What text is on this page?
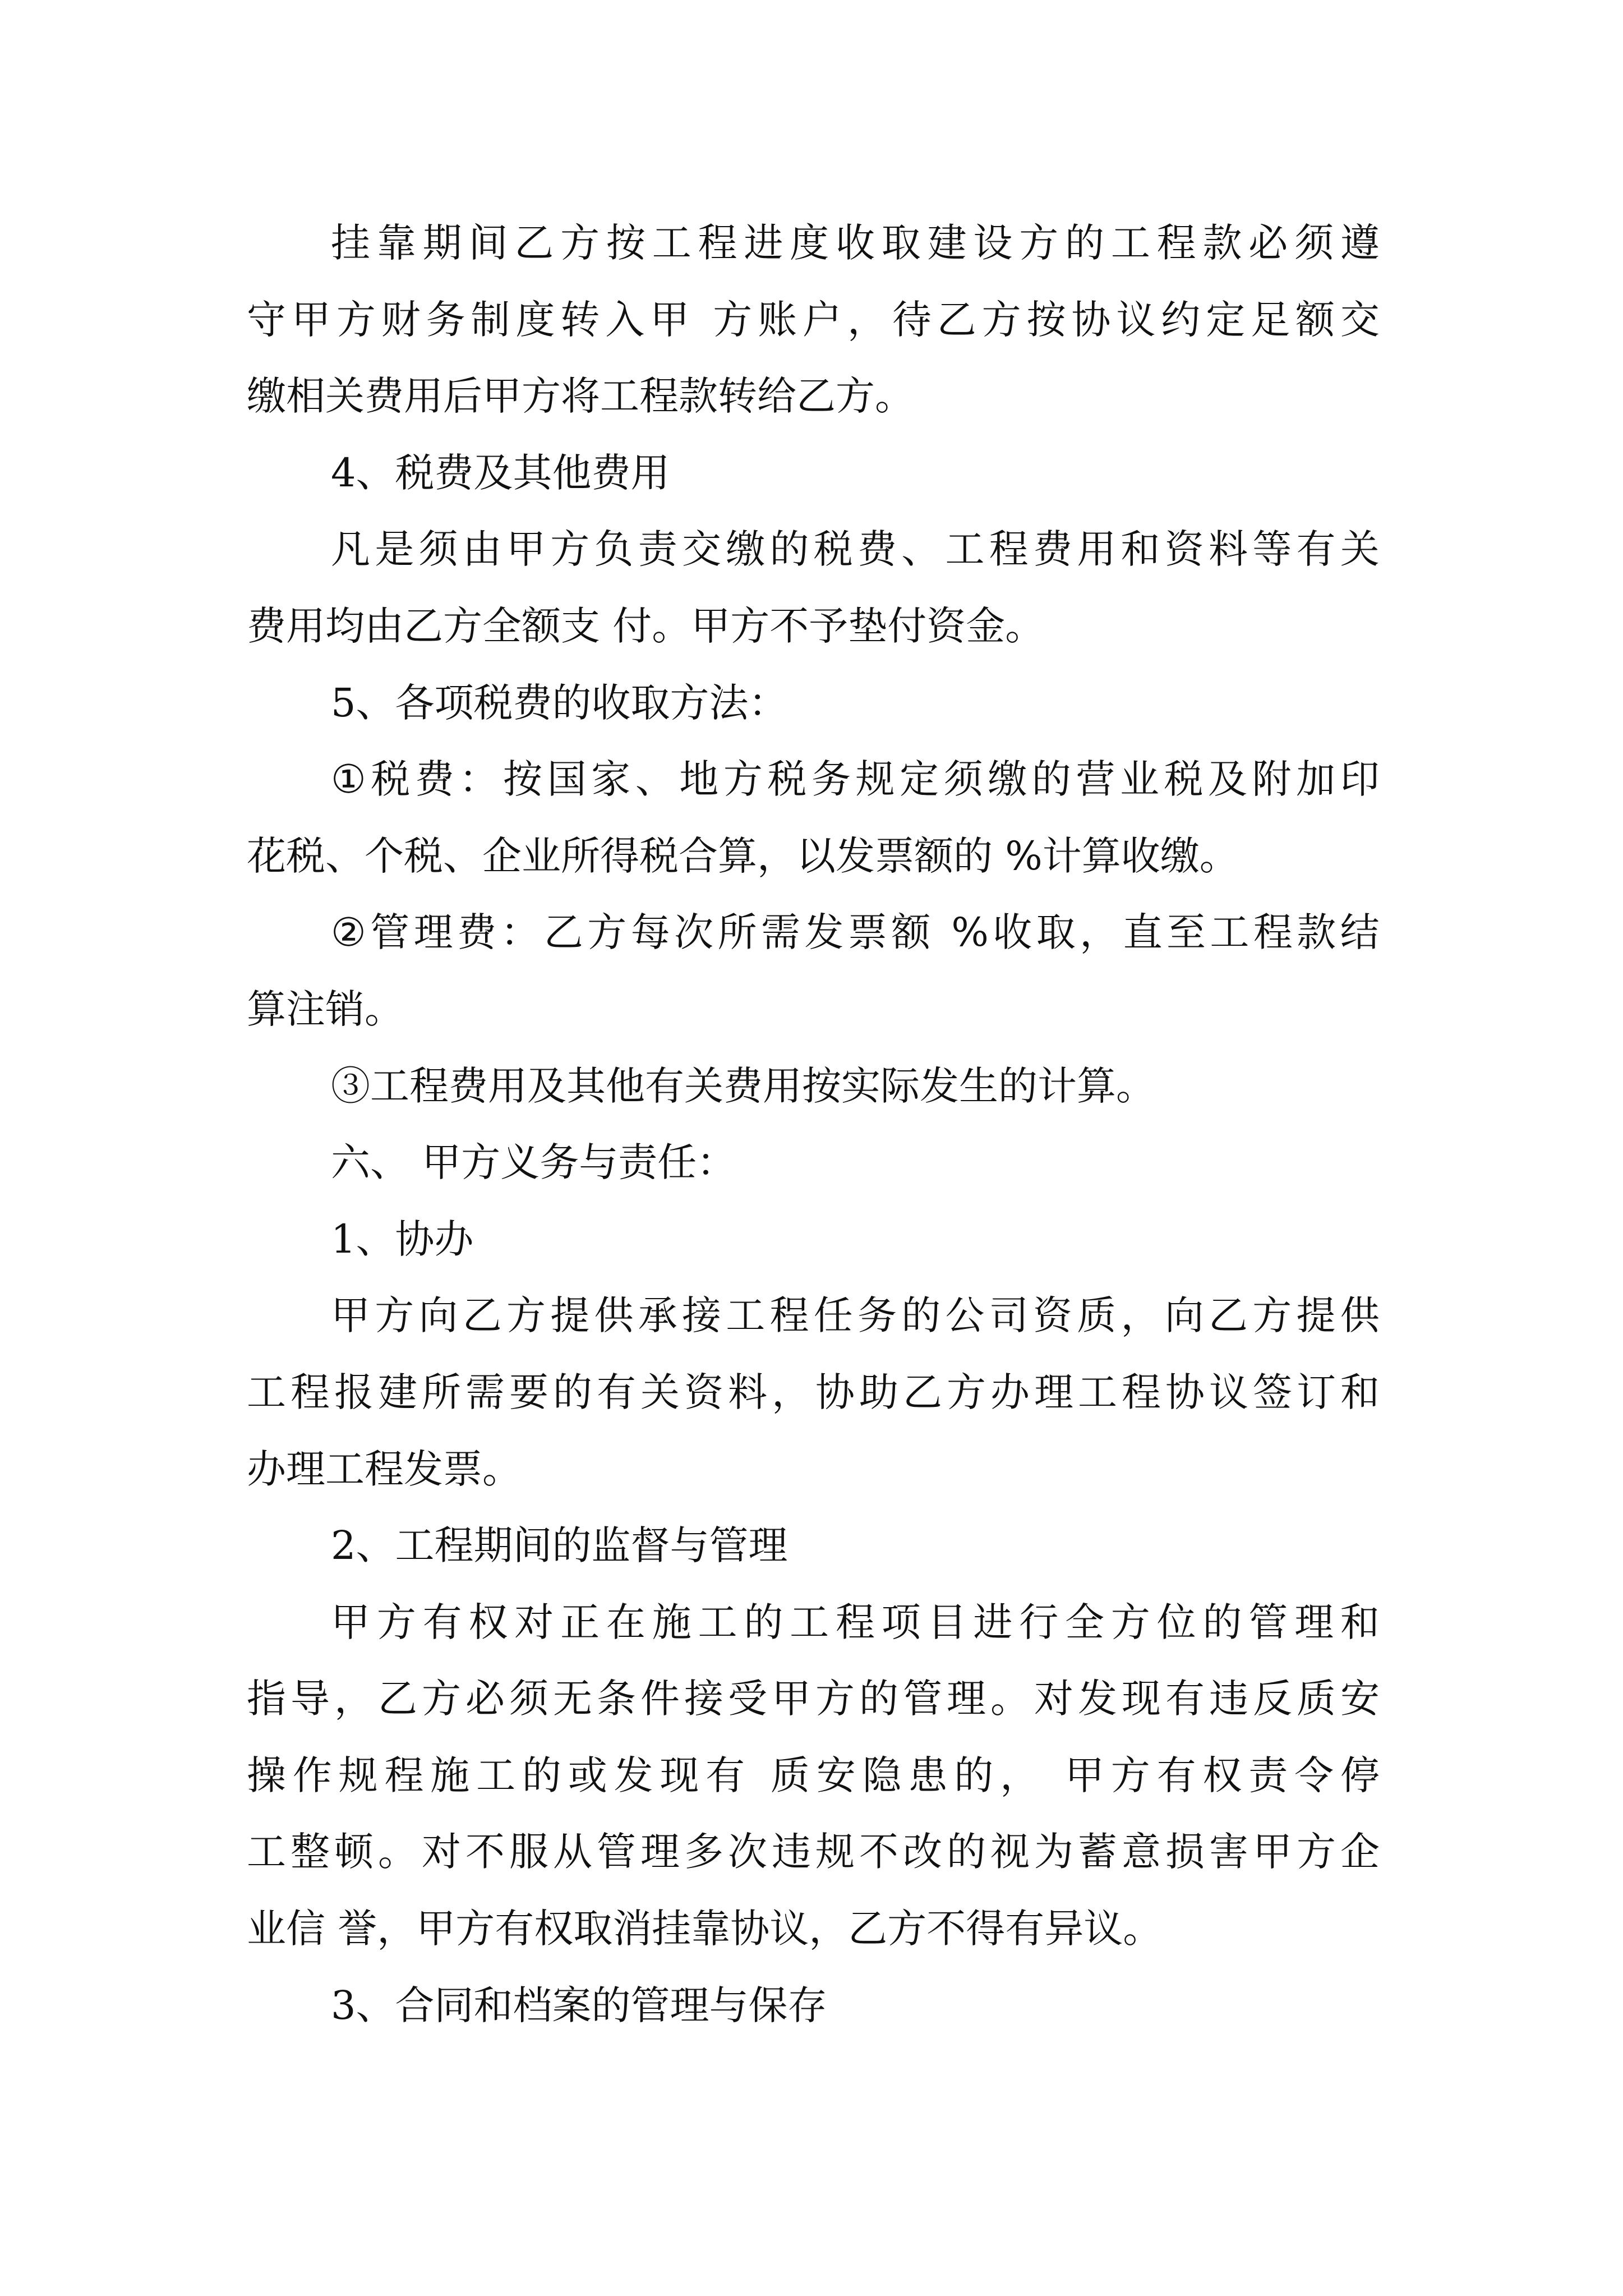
挂 靠 期 间 乙 方 按 工 程 进 度 收 取 建 设 方 的 工 程 款 必 须 遵
守 甲 方 财 务 制 度 转 入 甲
方 账 户 ， 待 乙 方 按 协 议 约 定 足 额 交
缴相关费用后甲方将工程款转给乙方。
4、税费及其他费用
凡 是 须 由 甲 方 负 责 交 缴 的 税 费 、 工 程 费 用 和 资 料 等 有 关
费用均由乙方全额支 付。甲方不予垫付资金。
5、各项税费的收取方法：
① 税 费 ： 按 国 家 、 地 方 税 务 规 定 须 缴 的 营 业 税 及 附 加 印
花税、个税、企业所得税合算，以发票额的 %计算收缴。
② 管 理 费 ： 乙 方 每 次 所 需 发 票 额
% 收 取 ， 直 至 工 程 款 结
算注销。
③工程费用及其他有关费用按实际发生的计算。
六、 甲方义务与责任：
1、协办
甲 方 向 乙 方 提 供 承 接 工 程 任 务 的 公 司 资 质 ， 向 乙 方 提 供
工 程 报 建 所 需 要 的 有 关 资 料 ， 协 助 乙 方 办 理 工 程 协 议 签 订 和
办理工程发票。
2、工程期间的监督与管理
甲 方 有 权 对 正 在 施 工 的 工 程 项 目 进 行 全 方 位 的 管 理 和
指 导 ， 乙 方 必 须 无 条 件 接 受 甲 方 的 管 理 。 对 发 现 有 违 反 质 安
操 作 规 程 施 工 的 或 发 现 有
质 安 隐 患 的 ，
甲 方 有 权 责 令 停
工 整 顿 。 对 不 服 从 管 理 多 次 违 规 不 改 的 视 为 蓄 意 损 害 甲 方 企
业信 誉，甲方有权取消挂靠协议，乙方不得有异议。
3、合同和档案的管理与保存
